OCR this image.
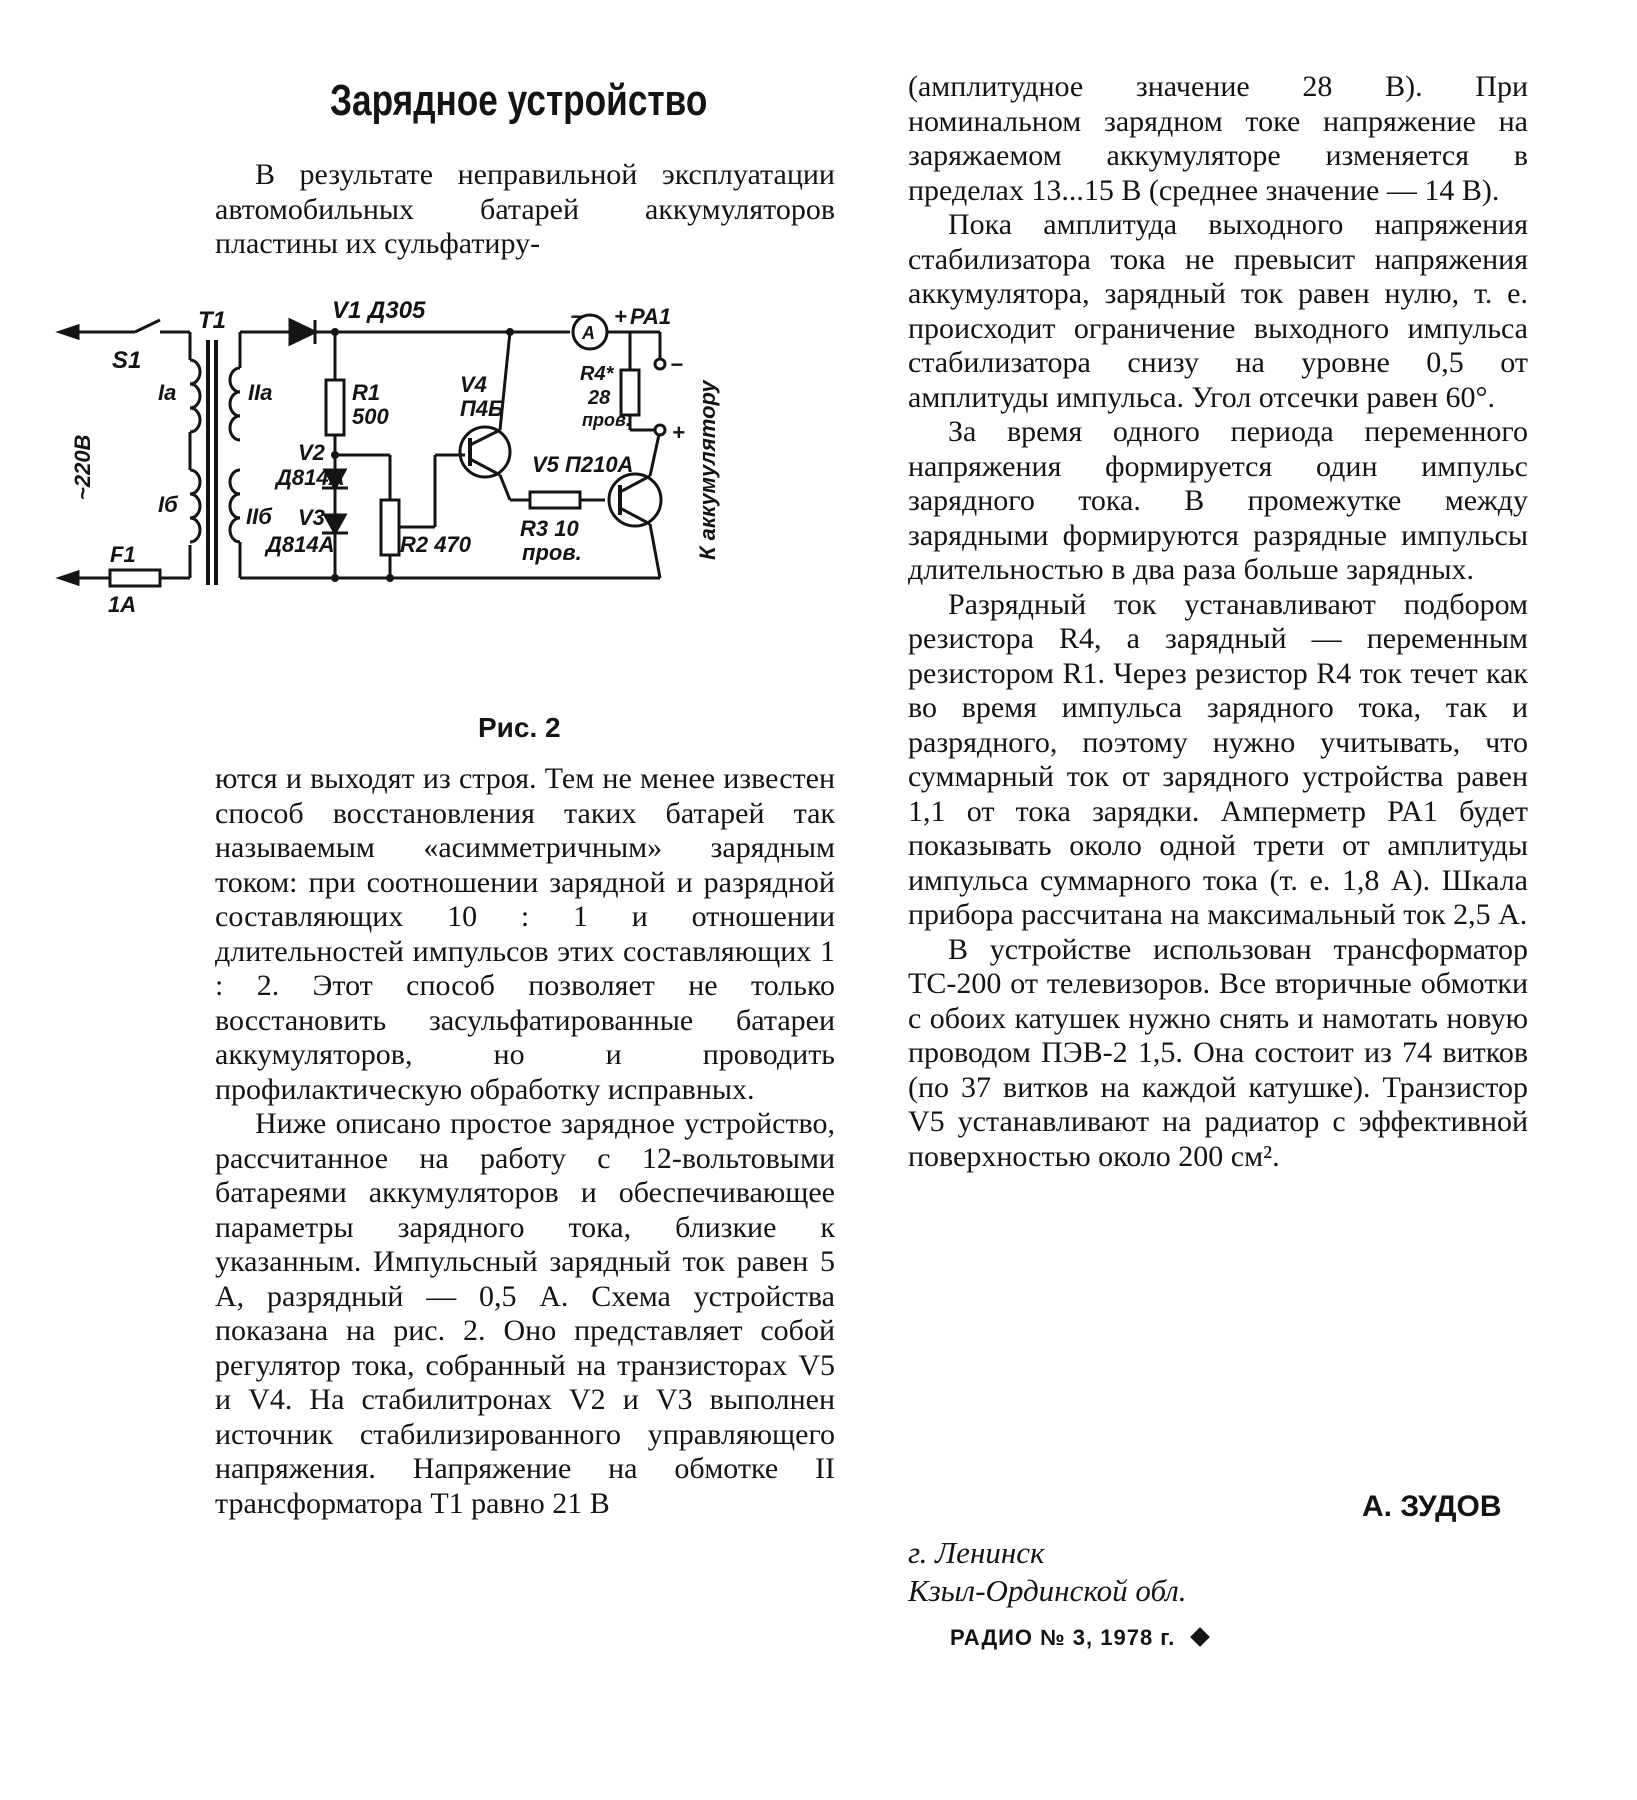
Зарядное устройство

В результате неправильной эксплуатации автомобильных батарей аккумуляторов пластины их сульфатиру-

S1
T1
Iа
Iб
IIа
IIб
F1
1А
~220В
V1 Д305
R1
500
V2
Д814А
V3
Д814А	R2 470
V4
П4Б
V5 П210А
R3 10
пров.
A
PA1
− +
R4*
28
пров.
−
+ К аккумулятору
Рис. 2

ются и выходят из строя. Тем не менее известен способ восстановления таких батарей так называемым «асимметричным» зарядным током: при соотношении зарядной и разрядной составляющих 10 : 1 и отношении длительностей импульсов этих составляющих 1 : 2. Этот способ позволяет не только восстановить засульфатированные батареи аккумуляторов, но и проводить профилактическую обработку исправных.

Ниже описано простое зарядное устройство, рассчитанное на работу с 12-вольтовыми батареями аккумуляторов и обеспечивающее параметры зарядного тока, близкие к указанным. Импульсный зарядный ток равен 5 А, разрядный — 0,5 А. Схема устройства показана на рис. 2. Оно представляет собой регулятор тока, собранный на транзисторах V5 и V4. На стабилитронах V2 и V3 выполнен источник стабилизированного управляющего напряжения. Напряжение на обмотке II трансформатора T1 равно 21 В

(амплитудное значение 28 В). При номинальном зарядном токе напряжение на заряжаемом аккумуляторе изменяется в пределах 13...15 В (среднее значение — 14 В).

Пока амплитуда выходного напряжения стабилизатора тока не превысит напряжения аккумулятора, зарядный ток равен нулю, т. е. происходит ограничение выходного импульса стабилизатора снизу на уровне 0,5 от амплитуды импульса. Угол отсечки равен 60°.

За время одного периода переменного напряжения формируется один импульс зарядного тока. В промежутке между зарядными формируются разрядные импульсы длительностью в два раза больше зарядных.

Разрядный ток устанавливают подбором резистора R4, а зарядный — переменным резистором R1. Через резистор R4 ток течет как во время импульса зарядного тока, так и разрядного, поэтому нужно учитывать, что суммарный ток от зарядного устройства равен 1,1 от тока зарядки. Амперметр PA1 будет показывать около одной трети от амплитуды импульса суммарного тока (т. е. 1,8 А). Шкала прибора рассчитана на максимальный ток 2,5 А.

В устройстве использован трансформатор ТС-200 от телевизоров. Все вторичные обмотки с обоих катушек нужно снять и намотать новую проводом ПЭВ-2 1,5. Она состоит из 74 витков (по 37 витков на каждой катушке). Транзистор V5 устанавливают на радиатор с эффективной поверхностью около 200 см².

А. ЗУДОВ
г. Ленинск
Кзыл-Ординской обл.
РАДИО № 3, 1978 г.
